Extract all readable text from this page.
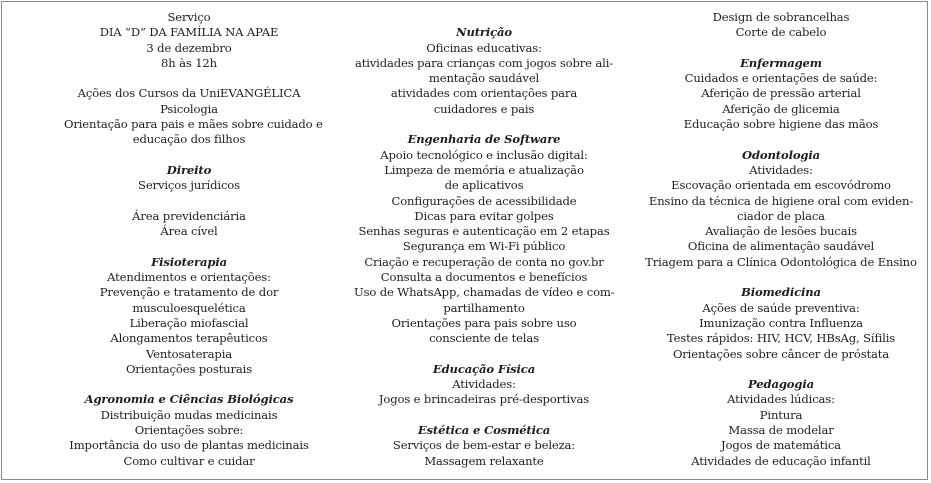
Serviço
DIA “D” DA FAMÍLIA NA APAE
3 de dezembro
8h às 12h
Ações dos Cursos da UniEVANGÉLICA
Psicologia
Orientação para pais e mães sobre cuidado e
educação dos filhos
Direito
Serviços jurídicos
Área previdenciária
Área cível
Fisioterapia
Atendimentos e orientações:
Prevenção e tratamento de dor
musculoesquelética
Liberação miofascial
Alongamentos terapêuticos
Ventosaterapia
Orientações posturais
Agronomia e Ciências Biológicas
Distribuição mudas medicinais
Orientações sobre:
Importância do uso de plantas medicinais
Como cultivar e cuidar
Nutrição
Oficinas educativas:
atividades para crianças com jogos sobre ali-
mentação saudável
atividades com orientações para
cuidadores e pais
Engenharia de Software
Apoio tecnológico e inclusão digital:
Limpeza de memória e atualização
de aplicativos
Configurações de acessibilidade
Dicas para evitar golpes
Senhas seguras e autenticação em 2 etapas
Segurança em Wi-Fi público
Criação e recuperação de conta no gov.br
Consulta a documentos e benefícios
Uso de WhatsApp, chamadas de vídeo e com-
partilhamento
Orientações para pais sobre uso
consciente de telas
Educação Física
Atividades:
Jogos e brincadeiras pré-desportivas
Estética e Cosmética
Serviços de bem-estar e beleza:
Massagem relaxante
Design de sobrancelhas
Corte de cabelo
Enfermagem
Cuidados e orientações de saúde:
Aferição de pressão arterial
Aferição de glicemia
Educação sobre higiene das mãos
Odontologia
Atividades:
Escovação orientada em escovódromo
Ensino da técnica de higiene oral com eviden-
ciador de placa
Avaliação de lesões bucais
Oficina de alimentação saudável
Triagem para a Clínica Odontológica de Ensino
Biomedicina
Ações de saúde preventiva:
Imunização contra Influenza
Testes rápidos: HIV, HCV, HBsAg, Sífilis
Orientações sobre câncer de próstata
Pedagogia
Atividades lúdicas:
Pintura
Massa de modelar
Jogos de matemática
Atividades de educação infantil
